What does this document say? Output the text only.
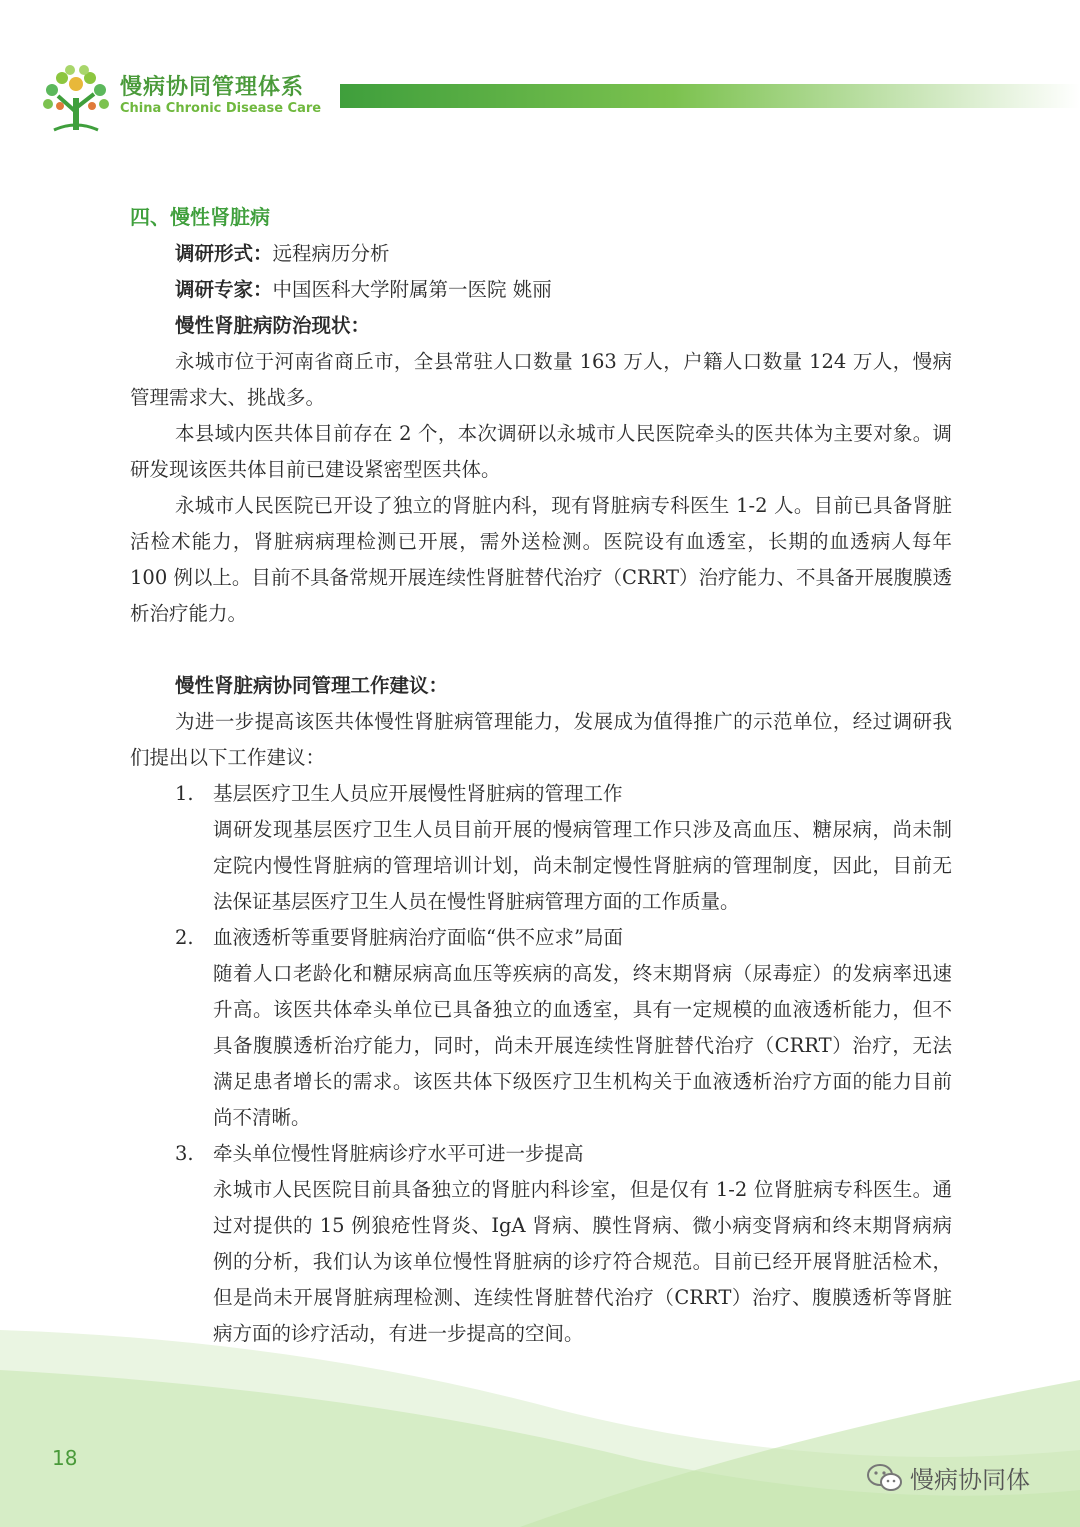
慢病协同管理体系
China Chronic Disease Care
四、慢性肾脏病
调研形式：远程病历分析
调研专家：中国医科大学附属第一医院 姚丽
慢性肾脏病防治现状：

永城市位于河南省商丘市，全县常驻人口数量 163 万人，户籍人口数量 124 万人，慢病管理需求大、挑战多。

本县域内医共体目前存在 2 个，本次调研以永城市人民医院牵头的医共体为主要对象。调研发现该医共体目前已建设紧密型医共体。

永城市人民医院已开设了独立的肾脏内科，现有肾脏病专科医生 1-2 人。目前已具备肾脏活检术能力，肾脏病病理检测已开展，需外送检测。医院设有血透室，长期的血透病人每年 100 例以上。目前不具备常规开展连续性肾脏替代治疗（CRRT）治疗能力、不具备开展腹膜透析治疗能力。

慢性肾脏病协同管理工作建议：

为进一步提高该医共体慢性肾脏病管理能力，发展成为值得推广的示范单位，经过调研我们提出以下工作建议：

1. 基层医疗卫生人员应开展慢性肾脏病的管理工作
调研发现基层医疗卫生人员目前开展的慢病管理工作只涉及高血压、糖尿病，尚未制定院内慢性肾脏病的管理培训计划，尚未制定慢性肾脏病的管理制度，因此，目前无法保证基层医疗卫生人员在慢性肾脏病管理方面的工作质量。
2. 血液透析等重要肾脏病治疗面临“供不应求”局面
随着人口老龄化和糖尿病高血压等疾病的高发，终末期肾病（尿毒症）的发病率迅速升高。该医共体牵头单位已具备独立的血透室，具有一定规模的血液透析能力，但不具备腹膜透析治疗能力，同时，尚未开展连续性肾脏替代治疗（CRRT）治疗，无法满足患者增长的需求。该医共体下级医疗卫生机构关于血液透析治疗方面的能力目前尚不清晰。
3. 牵头单位慢性肾脏病诊疗水平可进一步提高
永城市人民医院目前具备独立的肾脏内科诊室，但是仅有 1-2 位肾脏病专科医生。通过对提供的 15 例狼疮性肾炎、IgA 肾病、膜性肾病、微小病变肾病和终末期肾病病例的分析，我们认为该单位慢性肾脏病的诊疗符合规范。目前已经开展肾脏活检术，但是尚未开展肾脏病理检测、连续性肾脏替代治疗（CRRT）治疗、腹膜透析等肾脏病方面的诊疗活动，有进一步提高的空间。
18
慢病协同体
